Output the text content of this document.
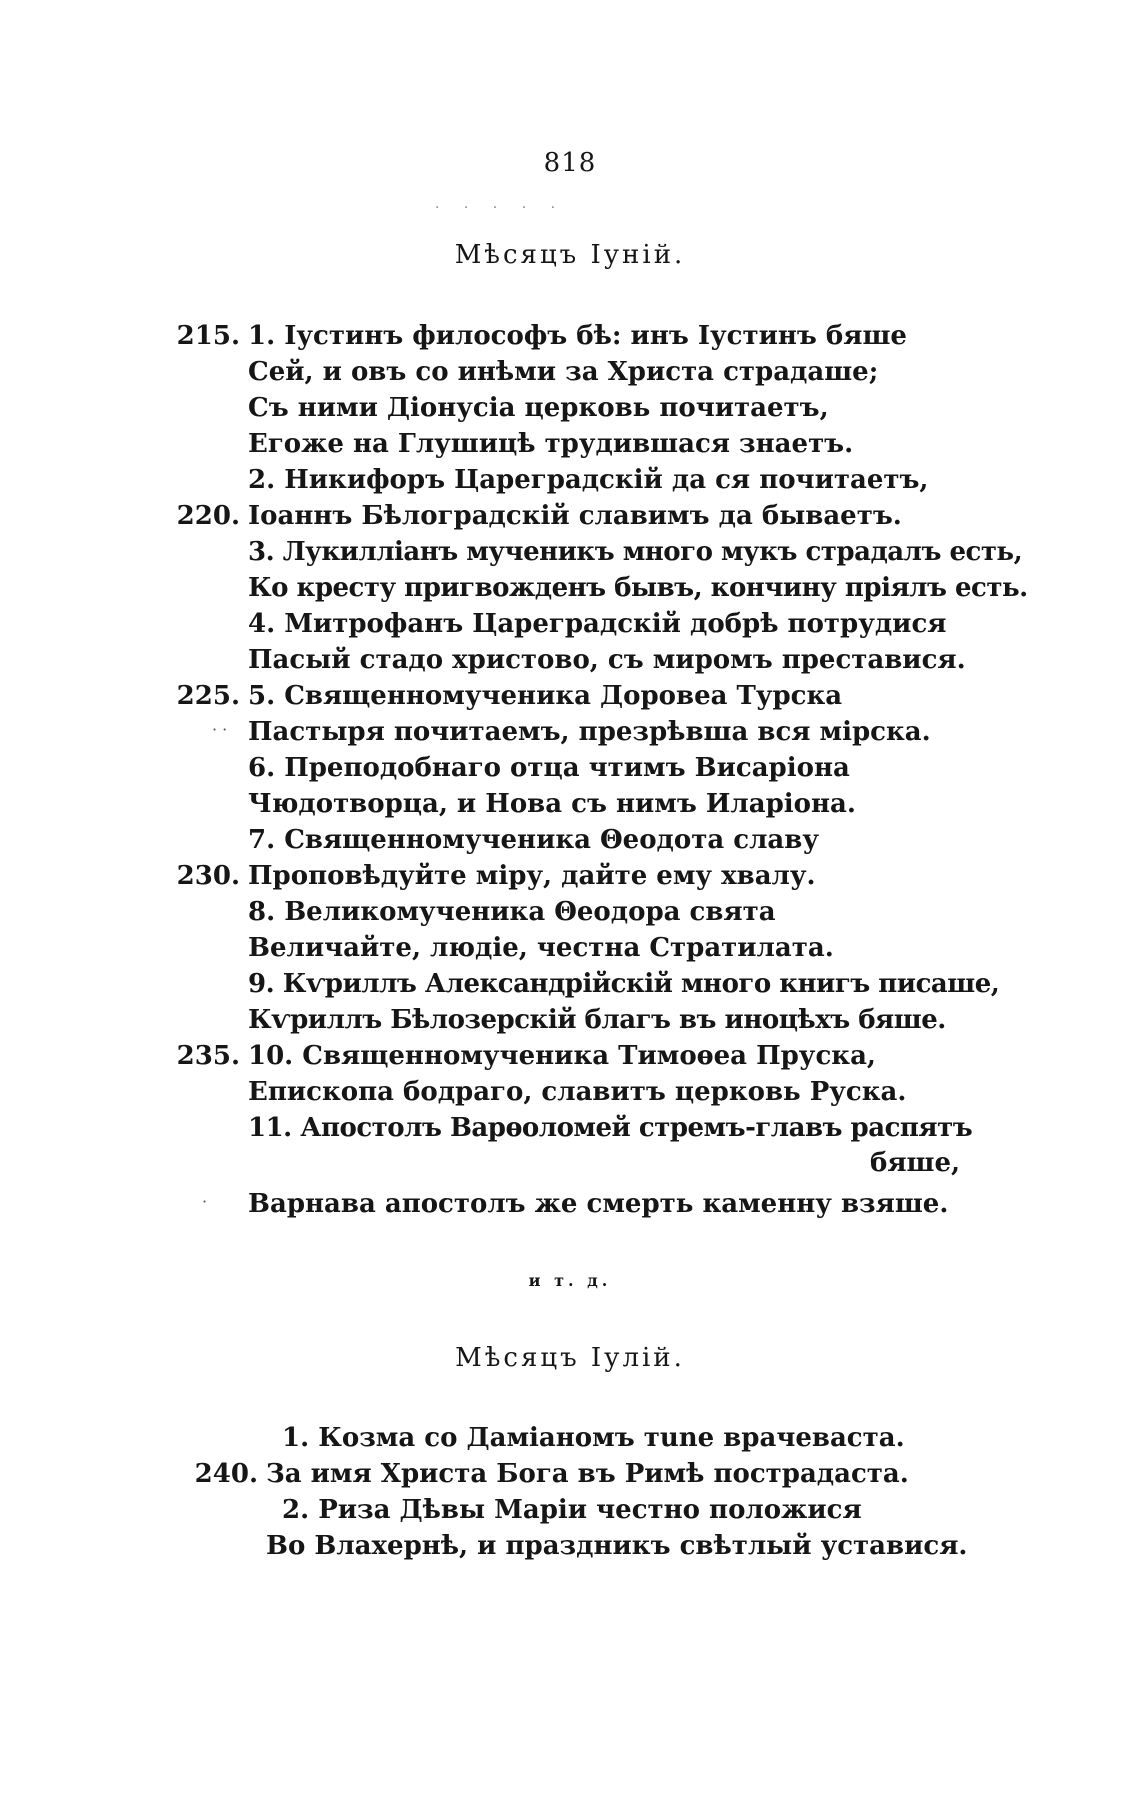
818
· · · · ·
Мѣсяцъ Іуній.
215. 1. Іустинъ философъ бѣ: инъ Іустинъ бяше
Сей, и овъ со инѣми за Христа страдаше;
Съ ними Діонусіа церковь почитаетъ,
Егоже на Глушицѣ трудившася знаетъ.
2. Никифоръ Цареградскій да ся почитаетъ,
220. Іоаннъ Бѣлоградскій славимъ да бываетъ.
3. Лукилліанъ мученикъ много мукъ страдалъ есть,
Ко кресту пригвожденъ бывъ, кончину пріялъ есть.
4. Митрофанъ Цареградскій добрѣ потрудися
Пасый стадо христово, съ миромъ преставися.
225. 5. Священномученика Доровеа Турска
Пастыря почитаемъ, презрѣвша вся мірска.
6. Преподобнаго отца чтимъ Висаріона
Чюдотворца, и Нова съ нимъ Иларіона.
7. Священномученика Θеодота славу
230. Проповѣдуйте міру, дайте ему хвалу.
8. Великомученика Θеодора свята
Величайте, людіе, честна Стратилата.
9. Кѵриллъ Александрійскій много книгъ писаше,
Кѵриллъ Бѣлозерскій благъ въ иноцѣхъ бяше.
235. 10. Священномученика Тимоѳеа Пруска,
Епископа бодраго, славитъ церковь Руска.
11. Апостолъ Варѳоломей стремъ-главъ распятъ
бяше,
Варнава апостолъ же смерть каменну взяше.
·
· ·
и т. д.
Мѣсяцъ Іулій.
1. Козма со Даміаномъ тune врачеваста.
240. За имя Христа Бога въ Римѣ пострадаста.
2. Риза Дѣвы Маріи честно положися
Во Влахернѣ, и праздникъ свѣтлый уставися.
